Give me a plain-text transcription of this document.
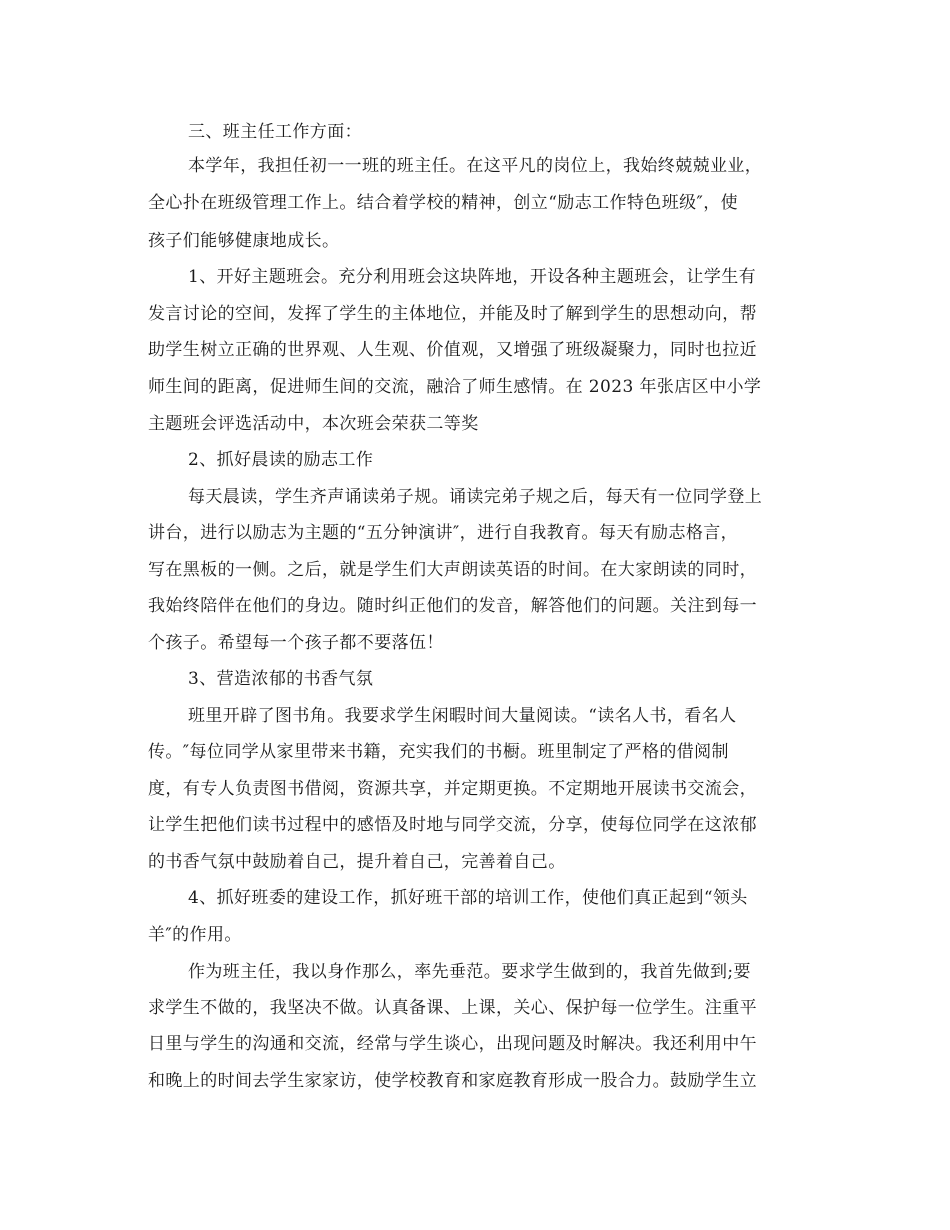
三、班主任工作方面：
本学年，我担任初一一班的班主任。在这平凡的岗位上，我始终兢兢业业，
全心扑在班级管理工作上。结合着学校的精神，创立“励志工作特色班级″，使
孩子们能够健康地成长。
1、开好主题班会。充分利用班会这块阵地，开设各种主题班会，让学生有
发言讨论的空间，发挥了学生的主体地位，并能及时了解到学生的思想动向，帮
助学生树立正确的世界观、人生观、价值观，又增强了班级凝聚力，同时也拉近
师生间的距离，促进师生间的交流，融洽了师生感情。在 2023 年张店区中小学
主题班会评选活动中，本次班会荣获二等奖
2、抓好晨读的励志工作
每天晨读，学生齐声诵读弟子规。诵读完弟子规之后，每天有一位同学登上
讲台，进行以励志为主题的“五分钟演讲″，进行自我教育。每天有励志格言，
写在黑板的一侧。之后，就是学生们大声朗读英语的时间。在大家朗读的同时，
我始终陪伴在他们的身边。随时纠正他们的发音，解答他们的问题。关注到每一
个孩子。希望每一个孩子都不要落伍！
3、营造浓郁的书香气氛
班里开辟了图书角。我要求学生闲暇时间大量阅读。“读名人书，看名人
传。″每位同学从家里带来书籍，充实我们的书橱。班里制定了严格的借阅制
度，有专人负责图书借阅，资源共享，并定期更换。不定期地开展读书交流会，
让学生把他们读书过程中的感悟及时地与同学交流，分享，使每位同学在这浓郁
的书香气氛中鼓励着自己，提升着自己，完善着自己。
4、抓好班委的建设工作，抓好班干部的培训工作，使他们真正起到“领头
羊″的作用。
作为班主任，我以身作那么，率先垂范。要求学生做到的，我首先做到;要
求学生不做的，我坚决不做。认真备课、上课，关心、保护每一位学生。注重平
日里与学生的沟通和交流，经常与学生谈心，出现问题及时解决。我还利用中午
和晚上的时间去学生家家访，使学校教育和家庭教育形成一股合力。鼓励学生立
